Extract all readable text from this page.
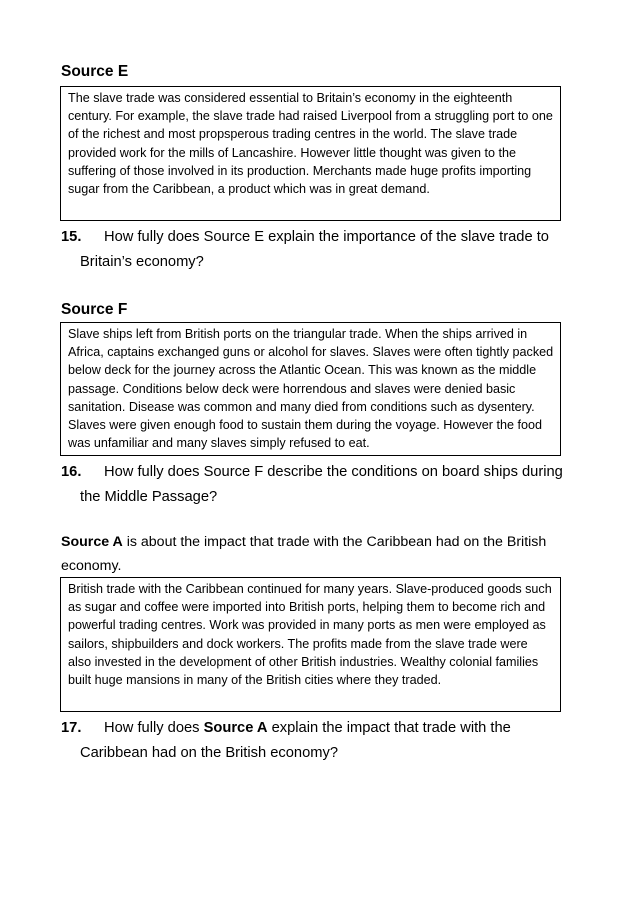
Source E

The slave trade was considered essential to Britain’s economy in the eighteenth century. For example, the slave trade had raised Liverpool from a struggling port to one of the richest and most propsperous trading centres in the world. The slave trade provided work for the mills of Lancashire. However little thought was given to the suffering of those involved in its production. Merchants made huge profits importing sugar from the Caribbean, a product which was in great demand.

15. How fully does Source E explain the importance of the slave trade to
Britain’s economy?
Source F

Slave ships left from British ports on the triangular trade. When the ships arrived in Africa, captains exchanged guns or alcohol for slaves. Slaves were often tightly packed below deck for the journey across the Atlantic Ocean. This was known as the middle passage. Conditions below deck were horrendous and slaves were denied basic sanitation. Disease was common and many died from conditions such as dysentery. Slaves were given enough food to sustain them during the voyage. However the food was unfamiliar and many slaves simply refused to eat.

16. How fully does Source F describe the conditions on board ships during
the Middle Passage?

Source A is about the impact that trade with the Caribbean had on the British economy.

British trade with the Caribbean continued for many years. Slave-produced goods such as sugar and coffee were imported into British ports, helping them to become rich and powerful trading centres. Work was provided in many ports as men were employed as sailors, shipbuilders and dock workers. The profits made from the slave trade were also invested in the development of other British industries. Wealthy colonial families built huge mansions in many of the British cities where they traded.

17. How fully does Source A explain the impact that trade with the
Caribbean had on the British economy?
